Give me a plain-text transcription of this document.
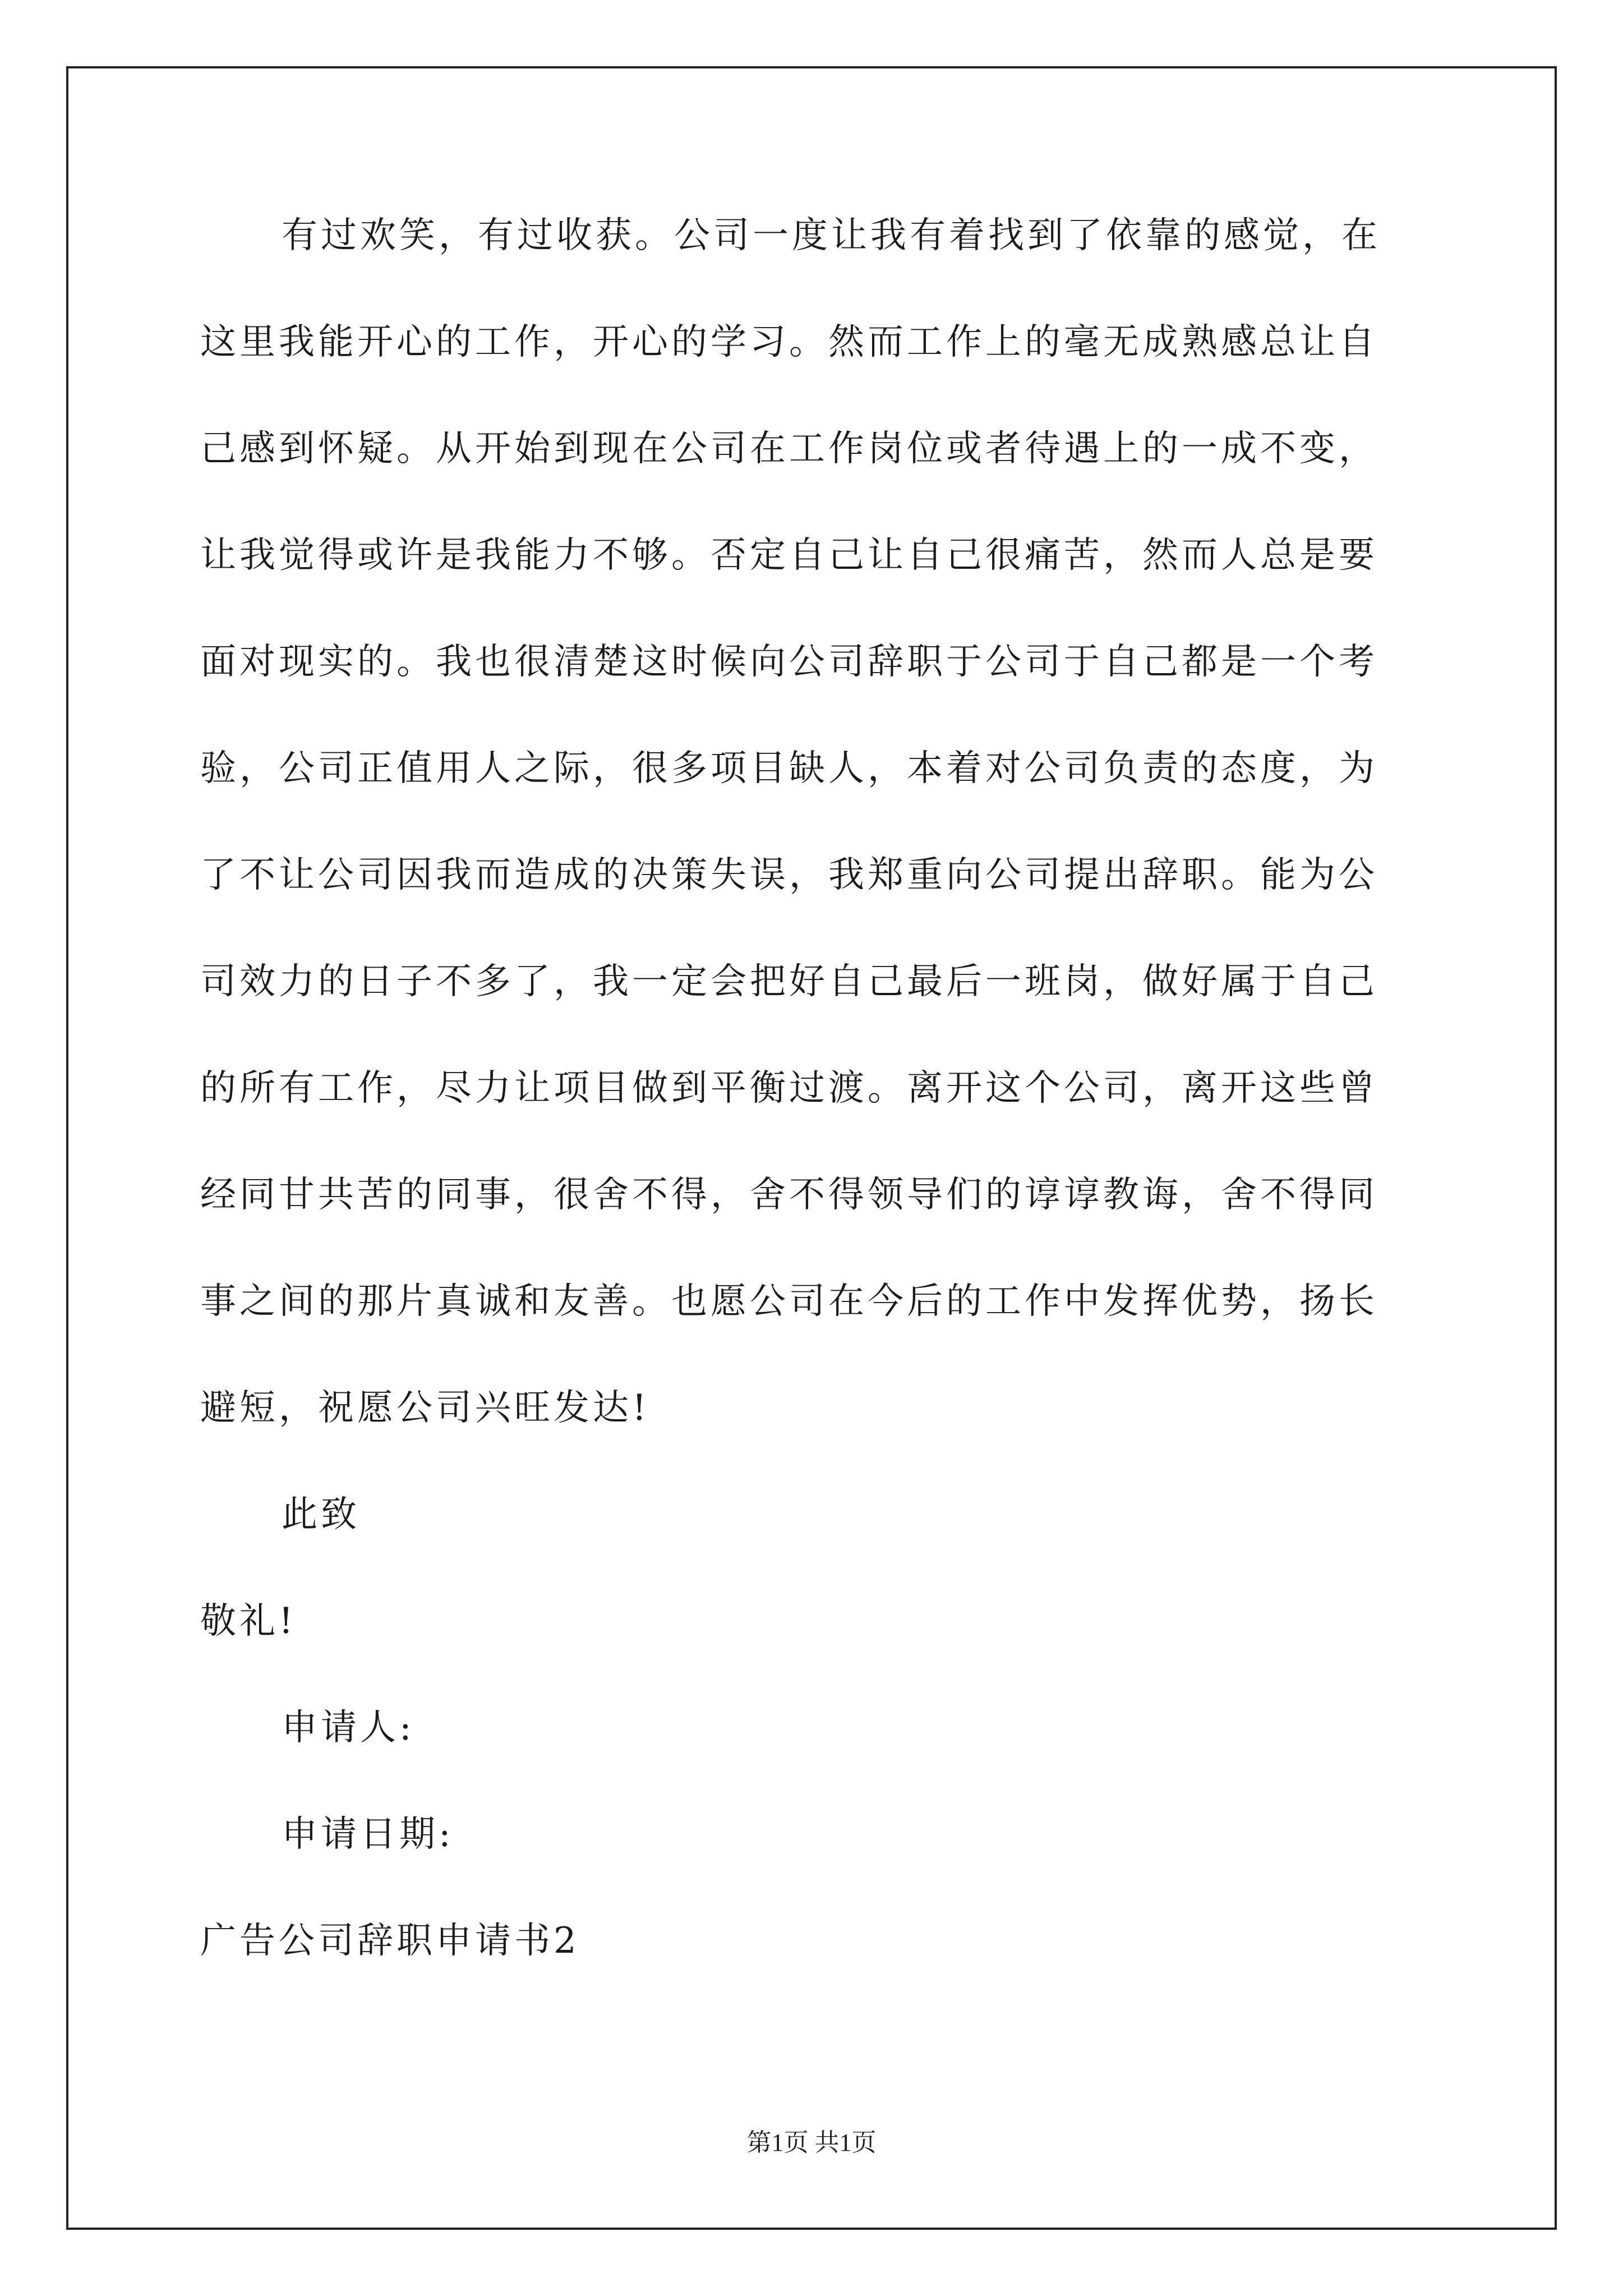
有过欢笑，有过收获。公司一度让我有着找到了依靠的感觉，在
这里我能开心的工作，开心的学习。然而工作上的毫无成熟感总让自
己感到怀疑。从开始到现在公司在工作岗位或者待遇上的一成不变，
让我觉得或许是我能力不够。否定自己让自己很痛苦，然而人总是要
面对现实的。我也很清楚这时候向公司辞职于公司于自己都是一个考
验，公司正值用人之际，很多项目缺人，本着对公司负责的态度，为
了不让公司因我而造成的决策失误，我郑重向公司提出辞职。能为公
司效力的日子不多了，我一定会把好自己最后一班岗，做好属于自己
的所有工作，尽力让项目做到平衡过渡。离开这个公司，离开这些曾
经同甘共苦的同事，很舍不得，舍不得领导们的谆谆教诲，舍不得同
事之间的那片真诚和友善。也愿公司在今后的工作中发挥优势，扬长
避短，祝愿公司兴旺发达!
此致
敬礼!
申请人:
申请日期:
广告公司辞职申请书2
第1页 共1页
